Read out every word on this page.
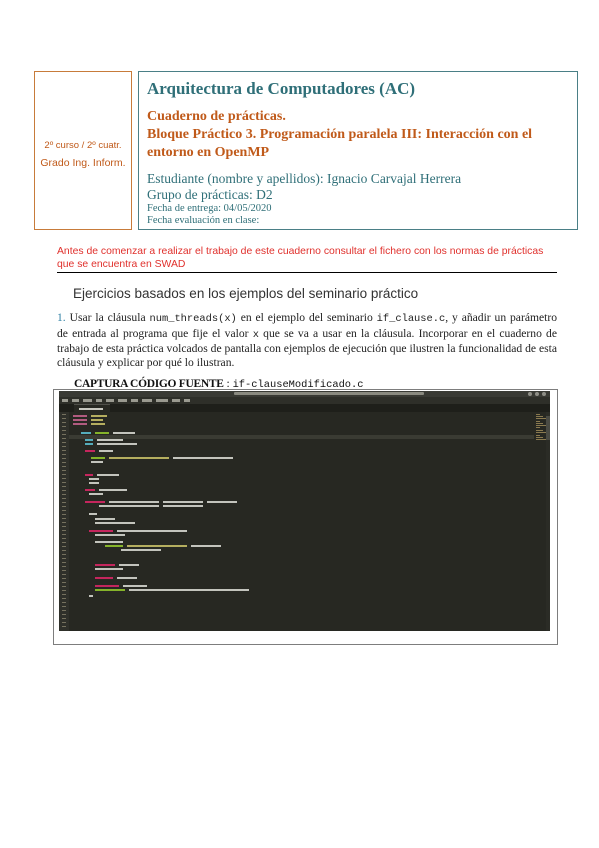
2º curso / 2º cuatr.
Grado Ing. Inform.
Arquitectura de Computadores (AC)
Cuaderno de prácticas.
Bloque Práctico 3. Programación paralela III: Interacción con el entorno en OpenMP
Estudiante (nombre y apellidos): Ignacio Carvajal Herrera
Grupo de prácticas: D2
Fecha de entrega: 04/05/2020
Fecha evaluación en clase:
Antes de comenzar a realizar el trabajo de este cuaderno consultar el fichero con los normas de prácticas que se encuentra en SWAD
Ejercicios basados en los ejemplos del seminario práctico
1. Usar la cláusula num_threads(x) en el ejemplo del seminario if_clause.c, y añadir un parámetro de entrada al programa que fije el valor x que se va a usar en la cláusula. Incorporar en el cuaderno de trabajo de esta práctica volcados de pantalla con ejemplos de ejecución que ilustren la funcionalidad de esta cláusula y explicar por qué lo ilustran.
CAPTURA CÓDIGO FUENTE : if-clauseModificado.c
